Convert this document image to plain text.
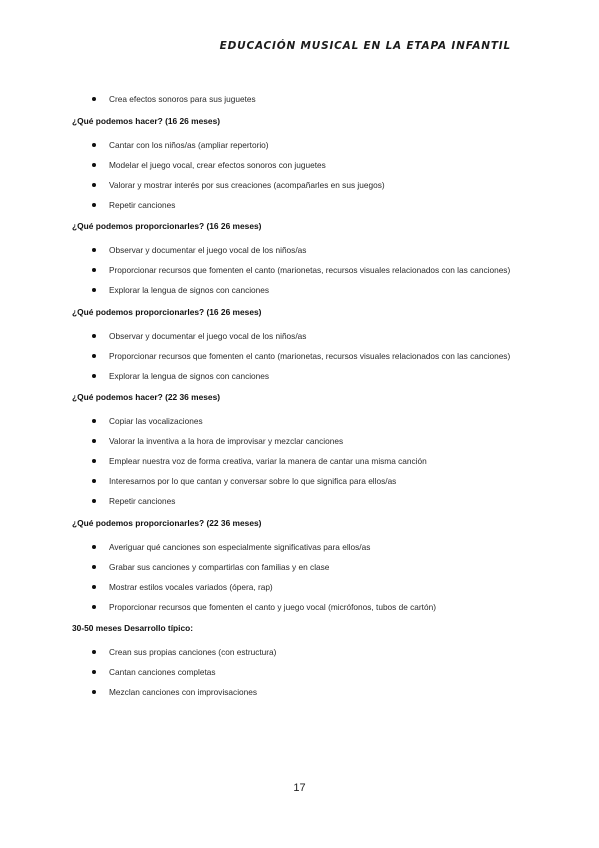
EDUCACIÓN MUSICAL EN LA ETAPA INFANTIL
Crea efectos sonoros para sus juguetes

¿Qué podemos hacer? (16 26 meses)

Cantar con los niños/as (ampliar repertorio)
Modelar el juego vocal, crear efectos sonoros con juguetes
Valorar y mostrar interés por sus creaciones (acompañarles en sus juegos)
Repetir canciones

¿Qué podemos proporcionarles? (16 26 meses)

Observar y documentar el juego vocal de los niños/as
Proporcionar recursos que fomenten el canto (marionetas, recursos visuales relacionados con las canciones)
Explorar la lengua de signos con canciones

¿Qué podemos proporcionarles? (16 26 meses)

Observar y documentar el juego vocal de los niños/as
Proporcionar recursos que fomenten el canto (marionetas, recursos visuales relacionados con las canciones)
Explorar la lengua de signos con canciones

¿Qué podemos hacer? (22 36 meses)

Copiar las vocalizaciones
Valorar la inventiva a la hora de improvisar y mezclar canciones
Emplear nuestra voz de forma creativa, variar la manera de cantar una misma canción
Interesarnos por lo que cantan y conversar sobre lo que significa para ellos/as
Repetir canciones

¿Qué podemos proporcionarles? (22 36 meses)

Averiguar qué canciones son especialmente significativas para ellos/as
Grabar sus canciones y compartirlas con familias y en clase
Mostrar estilos vocales variados (ópera, rap)
Proporcionar recursos que fomenten el canto y juego vocal (micrófonos, tubos de cartón)

30-50 meses Desarrollo típico:

Crean sus propias canciones (con estructura)
Cantan canciones completas
Mezclan canciones con improvisaciones
17
